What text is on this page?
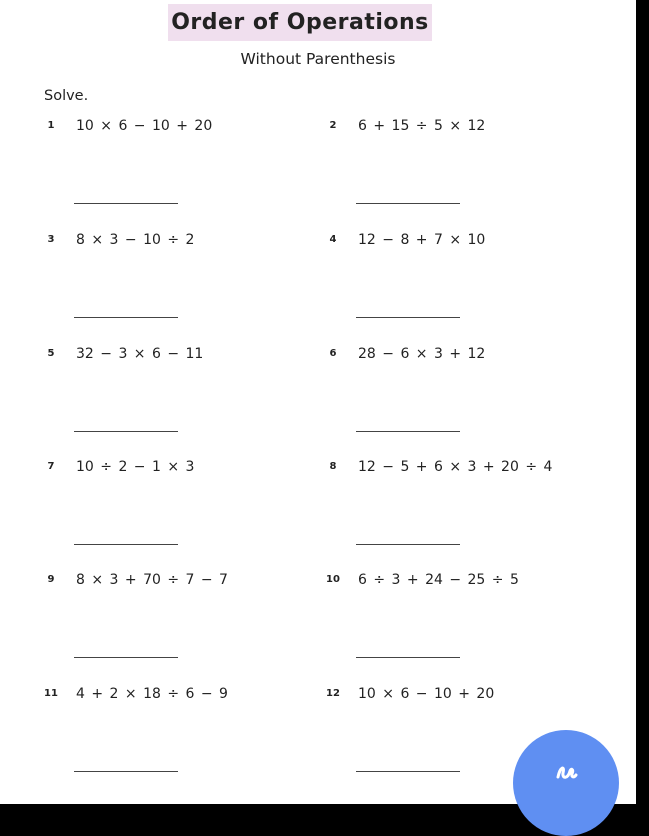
Order of Operations
Without Parenthesis
Solve.
1 10 × 6 − 10 + 20	2 6 + 15 ÷ 5 × 12
3 8 × 3 − 10 ÷ 2	4 12 − 8 + 7 × 10
5 32 − 3 × 6 − 11	6 28 − 6 × 3 + 12
7 10 ÷ 2 − 1 × 3	8 12 − 5 + 6 × 3 + 20 ÷ 4
9 8 × 3 + 70 ÷ 7 − 7	10 6 ÷ 3 + 24 − 25 ÷ 5
11 4 + 2 × 18 ÷ 6 − 9	12 10 × 6 − 10 + 20
